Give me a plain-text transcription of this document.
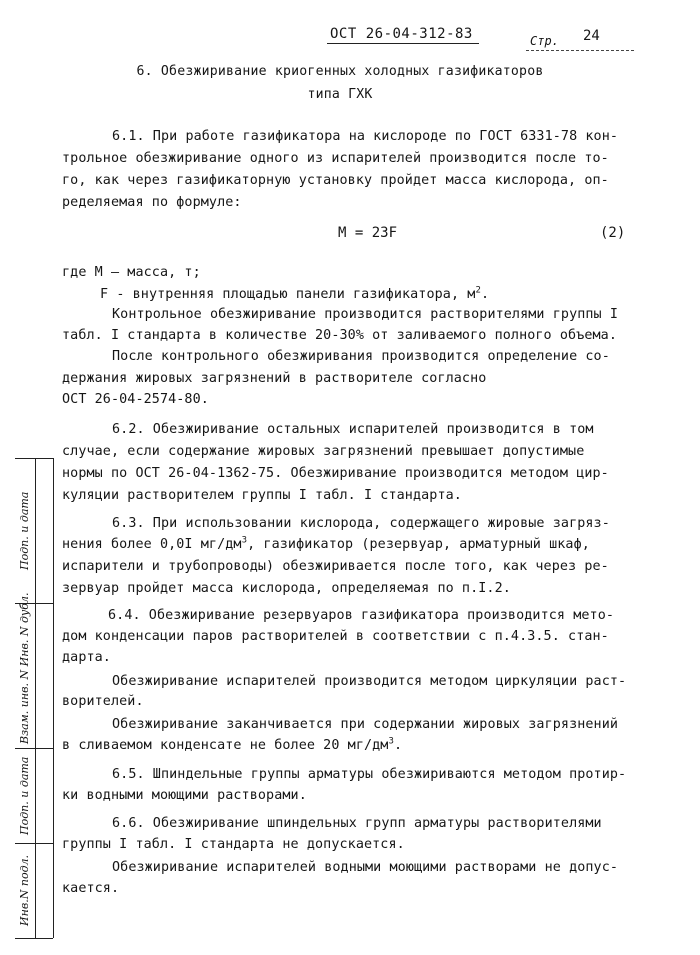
ОСТ 26-04-312-83	Стр. 24
6. Обезжиривание криогенных холодных газификаторов
типа ГХК
6.1. При работе газификатора на кислороде по ГОСТ 6331-78 кон-
трольное обезжиривание одного из испарителей производится после то-
го, как через газификаторную установку пройдет масса кислорода, оп-
ределяемая по формуле:
M = 23F	(2)
где M — масса, т;
F - внутренняя площадью панели газификатора, $м^2$.
Контрольное обезжиривание производится растворителями группы I
табл. I стандарта в количестве 20-30% от заливаемого полного объема.
После контрольного обезжиривания производится определение со-
держания жировых загрязнений в растворителе согласно
ОСТ 26-04-2574-80.
6.2. Обезжиривание остальных испарителей производится в том
случае, если содержание жировых загрязнений превышает допустимые
нормы по ОСТ 26-04-1362-75. Обезжиривание производится методом цир-
куляции растворителем группы I табл. I стандарта.
6.3. При использовании кислорода, содержащего жировые загряз-
нения более 0,0I $мг/дм^3$, газификатор (резервуар, арматурный шкаф,
испарители и трубопроводы) обезжиривается после того, как через ре-
зервуар пройдет масса кислорода, определяемая по п.I.2.
6.4. Обезжиривание резервуаров газификатора производится мето-
дом конденсации паров растворителей в соответствии с п.4.3.5. стан-
дарта.
Обезжиривание испарителей производится методом циркуляции раст-
ворителей.
Обезжиривание заканчивается при содержании жировых загрязнений
в сливаемом конденсате не более 20 $мг/дм^3$.
6.5. Шпиндельные группы арматуры обезжириваются методом протир-
ки водными моющими растворами.
6.6. Обезжиривание шпиндельных групп арматуры растворителями
группы I табл. I стандарта не допускается.
Обезжиривание испарителей водными моющими растворами не допус-
кается.
Подп. и дата
Взам. инв. N Инв. N дубл.
Подп. и дата
Инв.N подл.
